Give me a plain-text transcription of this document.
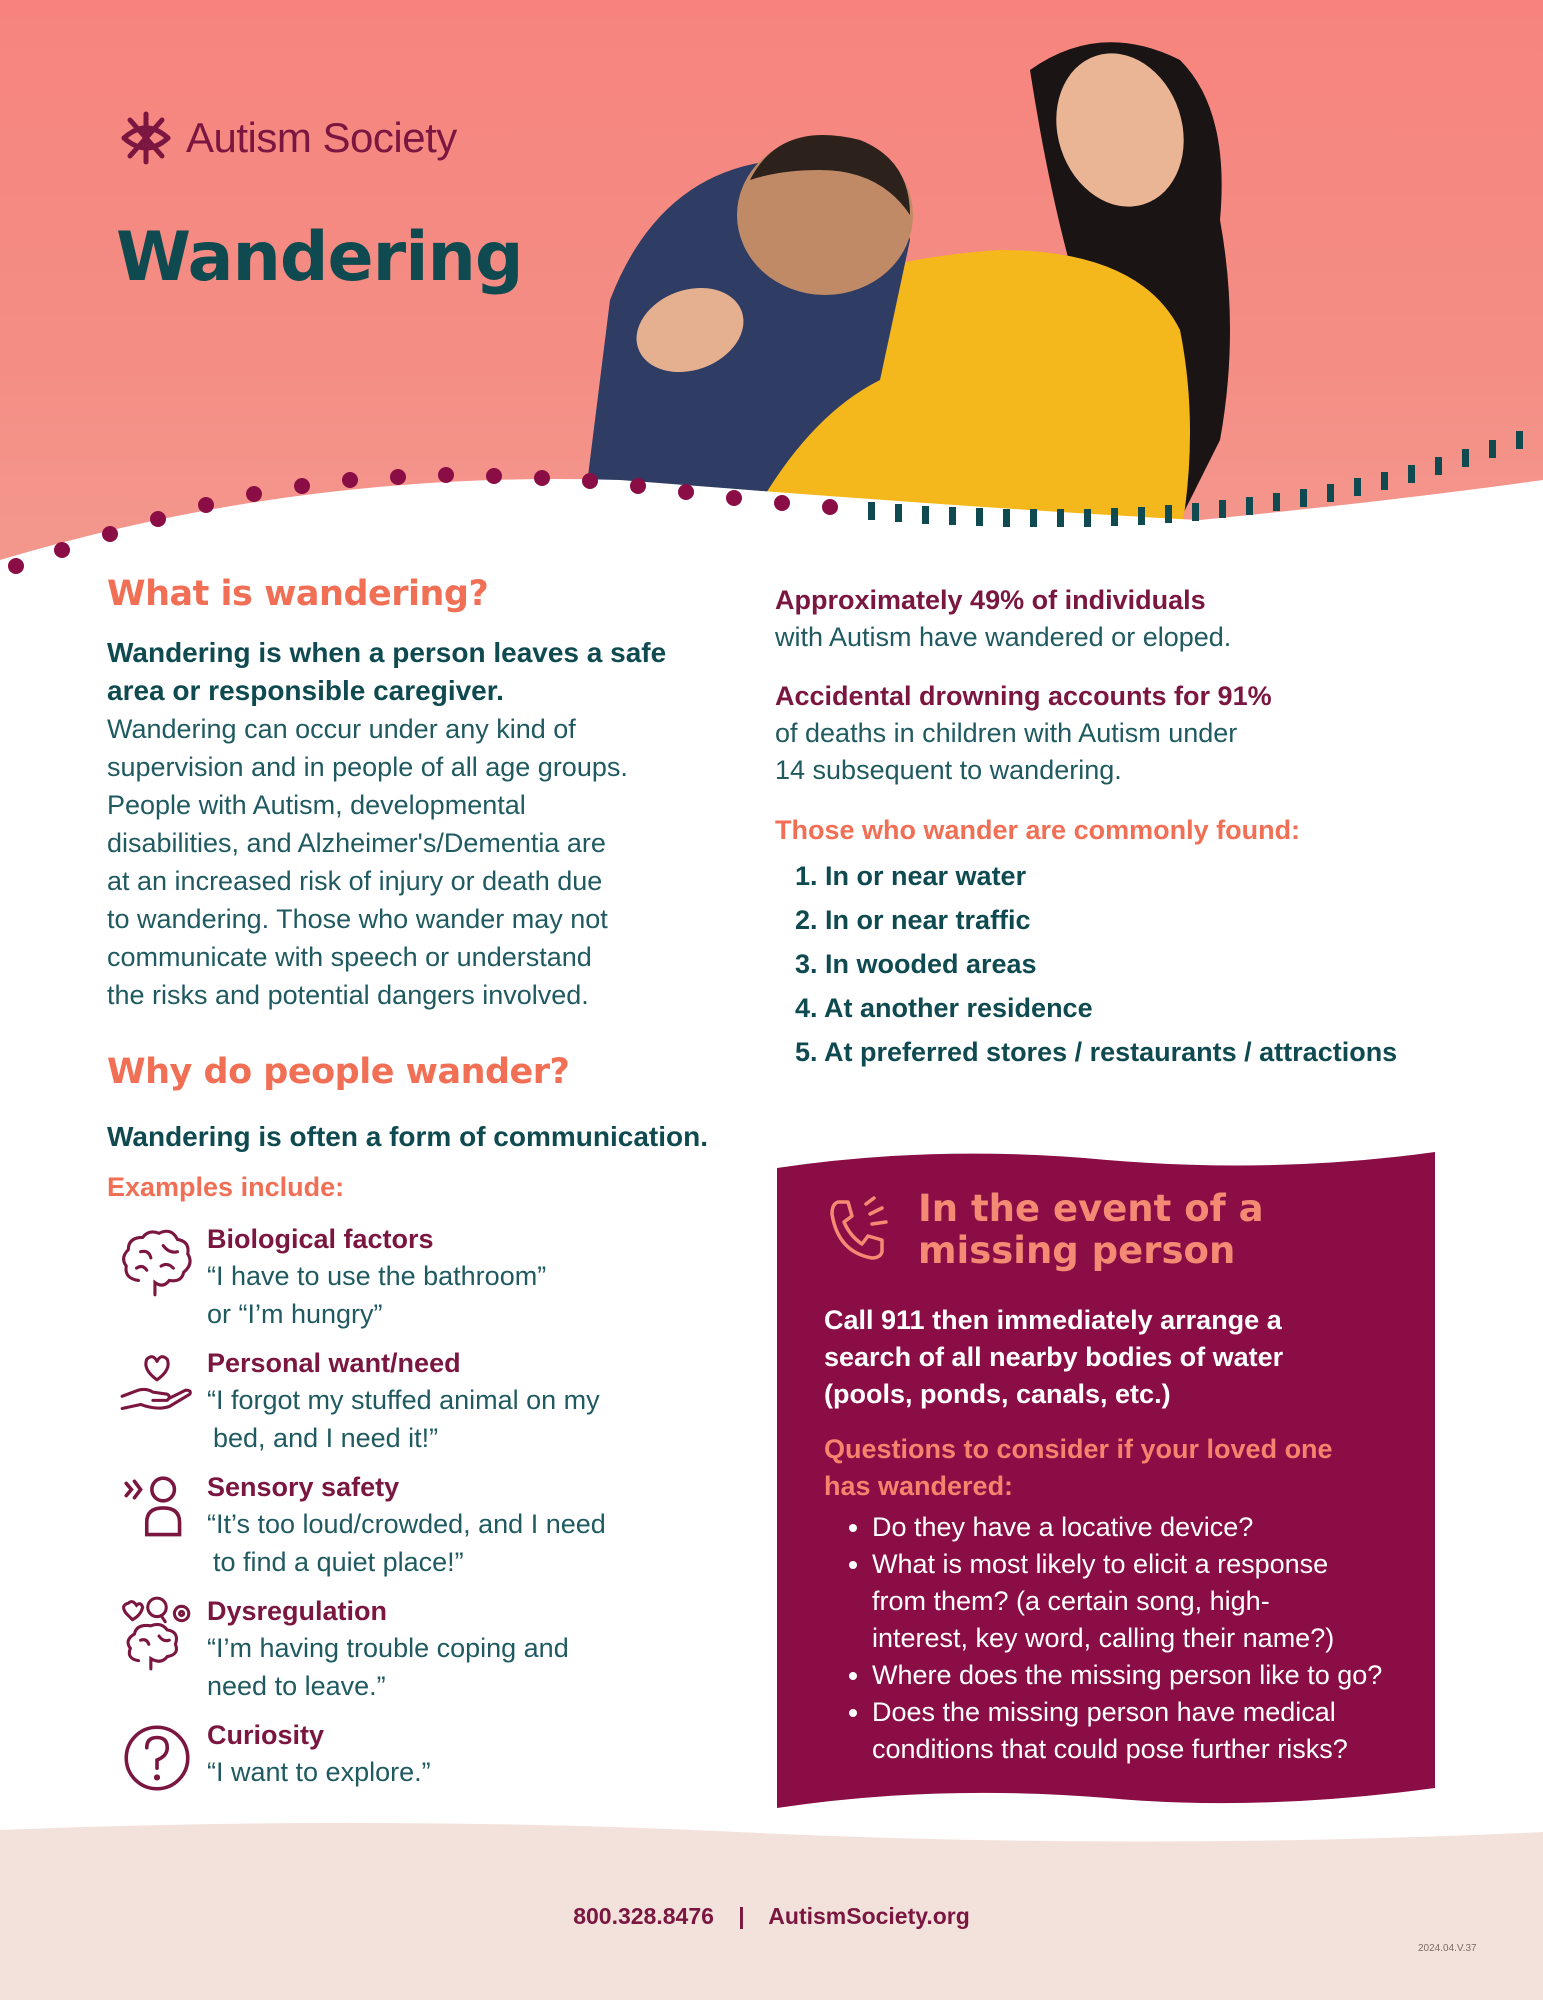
Autism Society
Wandering
What is wandering?
Wandering is when a person leaves a safe area or responsible caregiver.
Wandering can occur under any kind of
supervision and in people of all age groups.
People with Autism, developmental
disabilities, and Alzheimer's/Dementia are
at an increased risk of injury or death due
to wandering. Those who wander may not
communicate with speech or understand
the risks and potential dangers involved.
Why do people wander?
Wandering is often a form of communication.
Examples include:
Biological factors
“I have to use the bathroom”
or “I’m hungry”
Personal want/need
“I forgot my stuffed animal on my
bed, and I need it!”
Sensory safety
“It’s too loud/crowded, and I need
to find a quiet place!”
Dysregulation
“I’m having trouble coping and
need to leave.”
Curiosity
“I want to explore.”
Approximately 49% of individuals
with Autism have wandered or eloped.
Accidental drowning accounts for 91%
of deaths in children with Autism under
14 subsequent to wandering.
Those who wander are commonly found:
1. In or near water
2. In or near traffic
3. In wooded areas
4. At another residence
5. At preferred stores / restaurants / attractions
In the event of a
missing person
Call 911 then immediately arrange a
search of all nearby bodies of water
(pools, ponds, canals, etc.)
Questions to consider if your loved one
has wandered:
• Do they have a locative device?
• What is most likely to elicit a response
from them? (a certain song, high-
interest, key word, calling their name?)
• Where does the missing person like to go?
• Does the missing person have medical
conditions that could pose further risks?
800.328.8476 | AutismSociety.org
2024.04.V.37
